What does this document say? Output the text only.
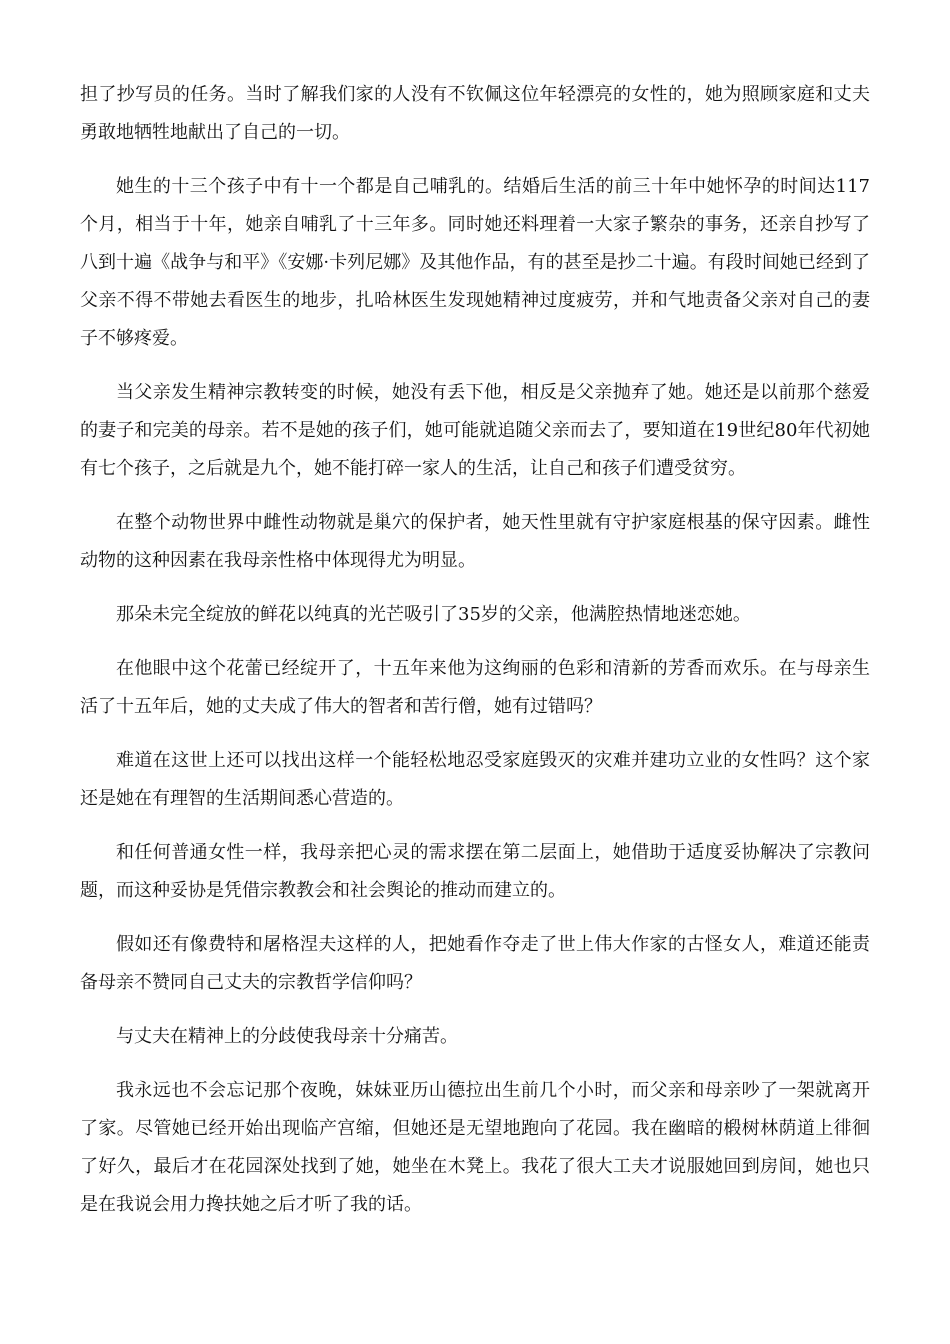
担了抄写员的任务。当时了解我们家的人没有不钦佩这位年轻漂亮的女性的，她为照顾家庭和丈夫勇敢地牺牲地献出了自己的一切。

她生的十三个孩子中有十一个都是自己哺乳的。结婚后生活的前三十年中她怀孕的时间达117个月，相当于十年，她亲自哺乳了十三年多。同时她还料理着一大家子繁杂的事务，还亲自抄写了八到十遍《战争与和平》《安娜·卡列尼娜》及其他作品，有的甚至是抄二十遍。有段时间她已经到了父亲不得不带她去看医生的地步，扎哈林医生发现她精神过度疲劳，并和气地责备父亲对自己的妻子不够疼爱。

当父亲发生精神宗教转变的时候，她没有丢下他，相反是父亲抛弃了她。她还是以前那个慈爱的妻子和完美的母亲。若不是她的孩子们，她可能就追随父亲而去了，要知道在19世纪80年代初她有七个孩子，之后就是九个，她不能打碎一家人的生活，让自己和孩子们遭受贫穷。

在整个动物世界中雌性动物就是巢穴的保护者，她天性里就有守护家庭根基的保守因素。雌性动物的这种因素在我母亲性格中体现得尤为明显。

那朵未完全绽放的鲜花以纯真的光芒吸引了35岁的父亲，他满腔热情地迷恋她。

在他眼中这个花蕾已经绽开了，十五年来他为这绚丽的色彩和清新的芳香而欢乐。在与母亲生活了十五年后，她的丈夫成了伟大的智者和苦行僧，她有过错吗？

难道在这世上还可以找出这样一个能轻松地忍受家庭毁灭的灾难并建功立业的女性吗？这个家还是她在有理智的生活期间悉心营造的。

和任何普通女性一样，我母亲把心灵的需求摆在第二层面上，她借助于适度妥协解决了宗教问题，而这种妥协是凭借宗教教会和社会舆论的推动而建立的。

假如还有像费特和屠格涅夫这样的人，把她看作夺走了世上伟大作家的古怪女人，难道还能责备母亲不赞同自己丈夫的宗教哲学信仰吗？

与丈夫在精神上的分歧使我母亲十分痛苦。

我永远也不会忘记那个夜晚，妹妹亚历山德拉出生前几个小时，而父亲和母亲吵了一架就离开了家。尽管她已经开始出现临产宫缩，但她还是无望地跑向了花园。我在幽暗的椴树林荫道上徘徊了好久，最后才在花园深处找到了她，她坐在木凳上。我花了很大工夫才说服她回到房间，她也只是在我说会用力搀扶她之后才听了我的话。
